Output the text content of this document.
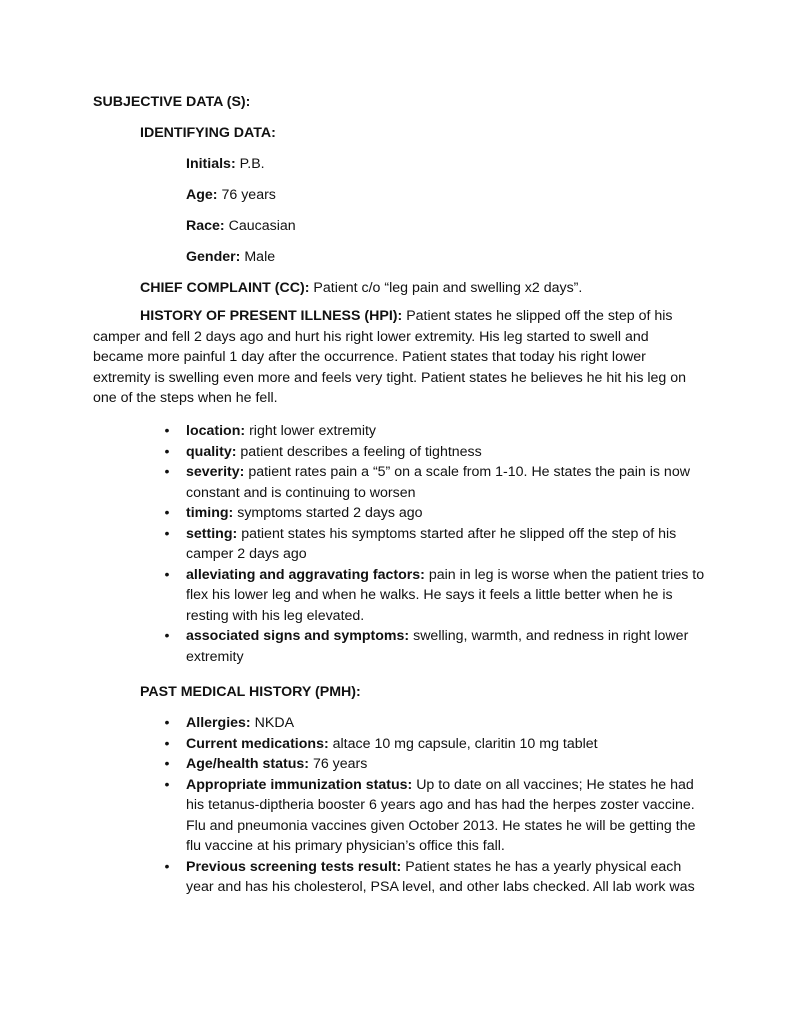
SUBJECTIVE DATA (S):
IDENTIFYING DATA:
Initials: P.B.
Age: 76 years
Race: Caucasian
Gender: Male
CHIEF COMPLAINT (CC): Patient c/o “leg pain and swelling x2 days”.
HISTORY OF PRESENT ILLNESS (HPI): Patient states he slipped off the step of his camper and fell 2 days ago and hurt his right lower extremity. His leg started to swell and became more painful 1 day after the occurrence. Patient states that today his right lower extremity is swelling even more and feels very tight. Patient states he believes he hit his leg on one of the steps when he fell.
• location: right lower extremity
• quality: patient describes a feeling of tightness
• severity: patient rates pain a “5” on a scale from 1-10. He states the pain is now constant and is continuing to worsen
• timing: symptoms started 2 days ago
• setting: patient states his symptoms started after he slipped off the step of his camper 2 days ago
• alleviating and aggravating factors: pain in leg is worse when the patient tries to flex his lower leg and when he walks. He says it feels a little better when he is resting with his leg elevated.
• associated signs and symptoms: swelling, warmth, and redness in right lower extremity
PAST MEDICAL HISTORY (PMH):
• Allergies: NKDA
• Current medications: altace 10 mg capsule, claritin 10 mg tablet
• Age/health status: 76 years
• Appropriate immunization status: Up to date on all vaccines; He states he had his tetanus-diptheria booster 6 years ago and has had the herpes zoster vaccine. Flu and pneumonia vaccines given October 2013. He states he will be getting the flu vaccine at his primary physician’s office this fall.
• Previous screening tests result: Patient states he has a yearly physical each year and has his cholesterol, PSA level, and other labs checked. All lab work was
